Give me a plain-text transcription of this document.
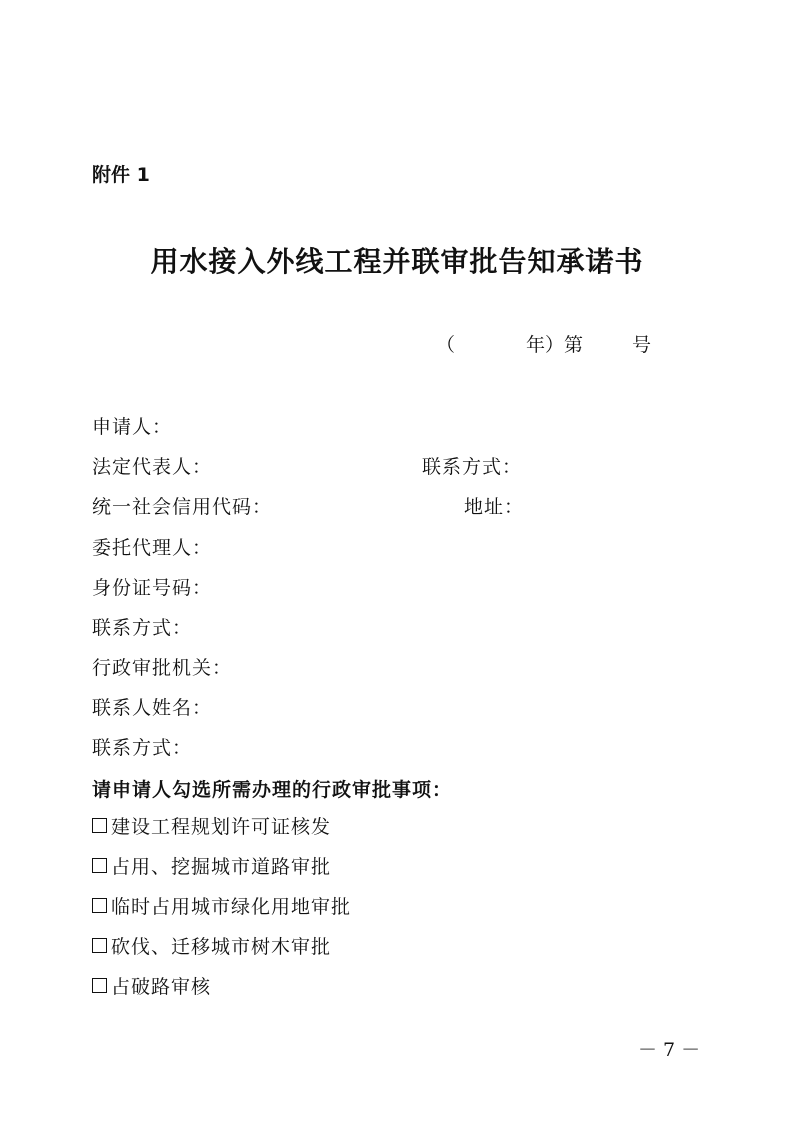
附件 1
用水接入外线工程并联审批告知承诺书
（	年）第	号
申请人：
法定代表人：	联系方式：
统一社会信用代码：	地址：
委托代理人：
身份证号码：
联系方式：
行政审批机关：
联系人姓名：
联系方式：
请申请人勾选所需办理的行政审批事项：
建设工程规划许可证核发
占用、挖掘城市道路审批
临时占用城市绿化用地审批
砍伐、迁移城市树木审批
占破路审核
－ 7 －
